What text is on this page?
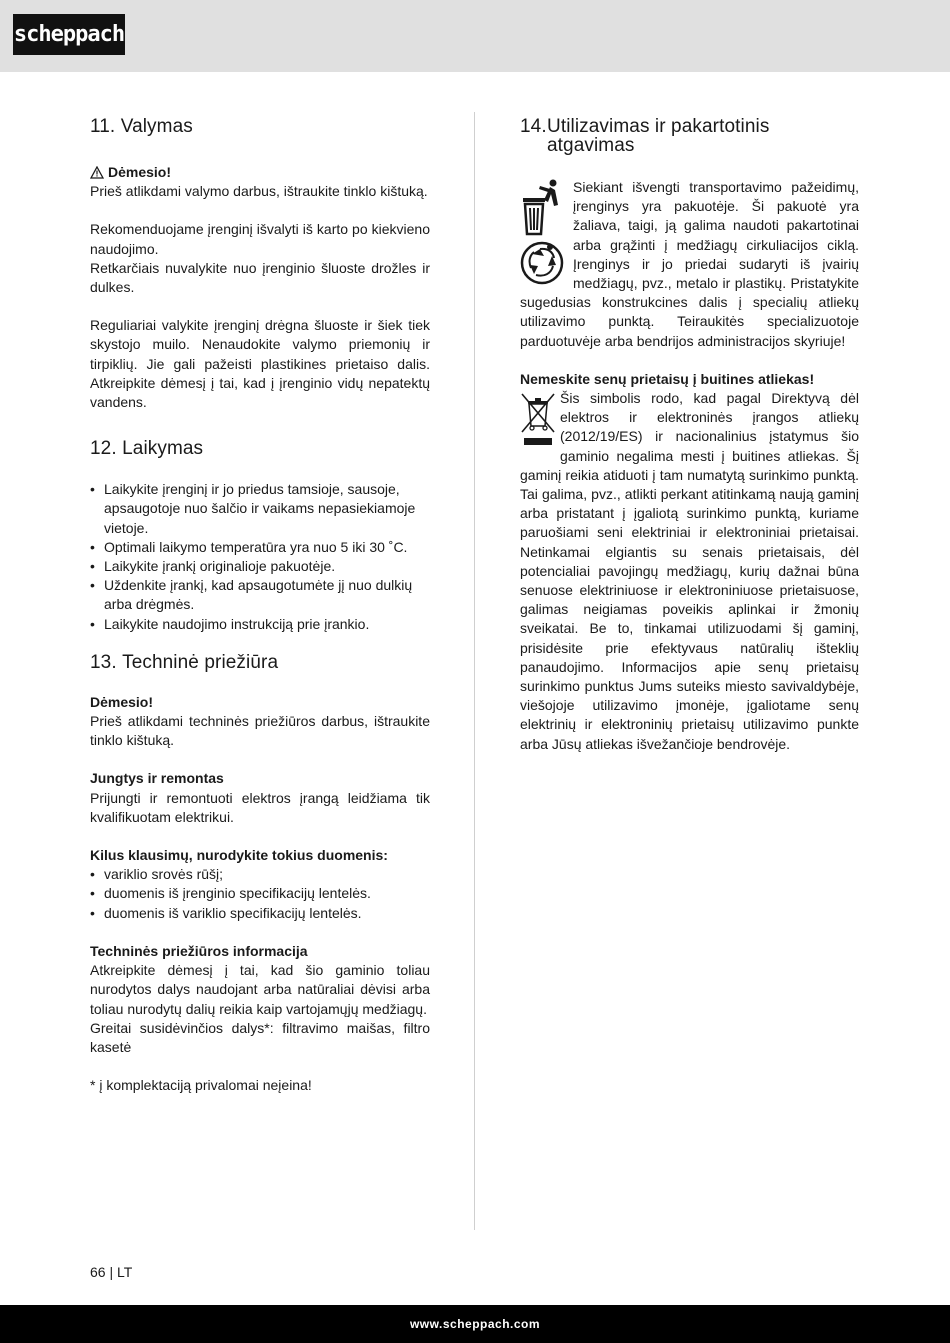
scheppach
11. Valymas
Dėmesio!

Prieš atlikdami valymo darbus, ištraukite tinklo kištuką.

Rekomenduojame įrenginį išvalyti iš karto po kiekvieno naudojimo.

Retkarčiais nuvalykite nuo įrenginio šluoste drožles ir dulkes.

Reguliariai valykite įrenginį drėgna šluoste ir šiek tiek skystojo muilo. Nenaudokite valymo priemonių ir tirpiklių. Jie gali pažeisti plastikines prietaiso dalis. Atkreipkite dėmesį į tai, kad į įrenginio vidų nepatektų vandens.

12. Laikymas
• Laikykite įrenginį ir jo priedus tamsioje, sausoje, apsaugotoje nuo šalčio ir vaikams nepasiekiamoje vietoje.
• Optimali laikymo temperatūra yra nuo 5 iki 30 ˚C.
• Laikykite įrankį originalioje pakuotėje.
• Uždenkite įrankį, kad apsaugotumėte jį nuo dulkių arba drėgmės.
• Laikykite naudojimo instrukciją prie įrankio.
13. Techninė priežiūra

Dėmesio!

Prieš atlikdami techninės priežiūros darbus, ištraukite tinklo kištuką.

Jungtys ir remontas

Prijungti ir remontuoti elektros įrangą leidžiama tik kvalifikuotam elektrikui.

Kilus klausimų, nurodykite tokius duomenis:

• variklio srovės rūšį;
• duomenis iš įrenginio specifikacijų lentelės.
• duomenis iš variklio specifikacijų lentelės.

Techninės priežiūros informacija

Atkreipkite dėmesį į tai, kad šio gaminio toliau nurodytos dalys naudojant arba natūraliai dėvisi arba toliau nurodytų dalių reikia kaip vartojamųjų medžiagų.

Greitai susidėvinčios dalys*: filtravimo maišas, filtro kasetė

* į komplektaciją privalomai neįeina!

14.Utilizavimas ir pakartotinis atgavimas

Siekiant išvengti transportavimo pažeidimų, įrenginys yra pakuotėje. Ši pakuotė yra žaliava, taigi, ją galima naudoti pakartotinai arba grąžinti į medžiagų cirkuliacijos ciklą. Įrenginys ir jo priedai sudaryti iš įvairių medžiagų, pvz., metalo ir plastikų. Pristatykite sugedusias konstrukcines dalis į specialių atliekų utilizavimo punktą. Teiraukitės specializuotoje parduotuvėje arba bendrijos administracijos skyriuje!

Nemeskite senų prietaisų į buitines atliekas!

Šis simbolis rodo, kad pagal Direktyvą dėl elektros ir elektroninės įrangos atliekų (2012/19/ES) ir nacionalinius įstatymus šio gaminio negalima mesti į buitines atliekas. Šį gaminį reikia atiduoti į tam numatytą surinkimo punktą. Tai galima, pvz., atlikti perkant atitinkamą naują gaminį arba pristatant į įgaliotą surinkimo punktą, kuriame paruošiami seni elektriniai ir elektroniniai prietaisai. Netinkamai elgiantis su senais prietaisais, dėl potencialiai pavojingų medžiagų, kurių dažnai būna senuose elektriniuose ir elektroniniuose prietaisuose, galimas neigiamas poveikis aplinkai ir žmonių sveikatai. Be to, tinkamai utilizuodami šį gaminį, prisidėsite prie efektyvaus natūralių išteklių panaudojimo. Informacijos apie senų prietaisų surinkimo punktus Jums suteiks miesto savivaldybėje, viešojoje utilizavimo įmonėje, įgaliotame senų elektrinių ir elektroninių prietaisų utilizavimo punkte arba Jūsų atliekas išvežančioje bendrovėje.

66 | LT
www.scheppach.com
